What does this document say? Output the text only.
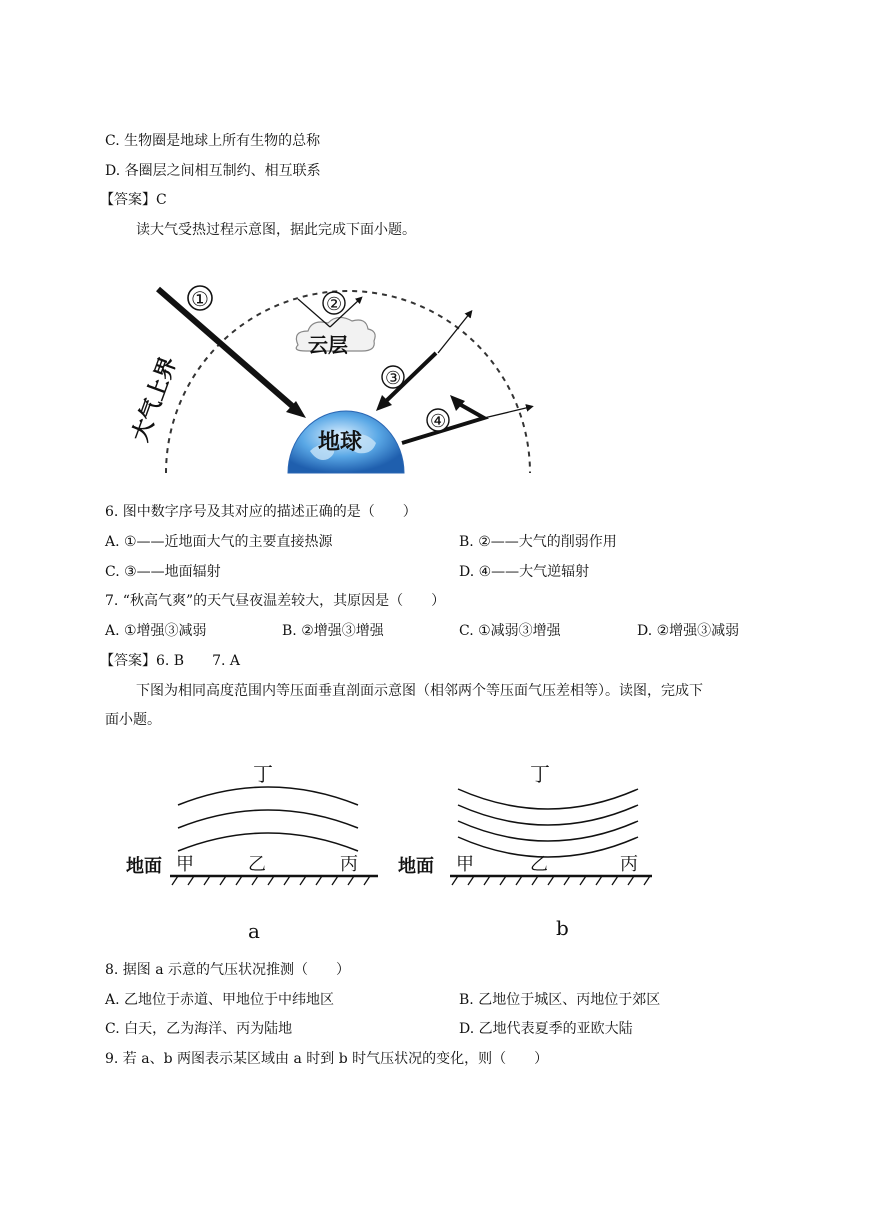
C. 生物圈是地球上所有生物的总称
D. 各圈层之间相互制约、相互联系
【答案】C
读大气受热过程示意图，据此完成下面小题。
大气上界
①
云层
②
③
④
地球
6. 图中数字序号及其对应的描述正确的是（　　）
A. ①——近地面大气的主要直接热源	B. ②——大气的削弱作用
C. ③——地面辐射	D. ④——大气逆辐射
7. “秋高气爽”的天气昼夜温差较大，其原因是（　　）
A. ①增强③减弱	B. ②增强③增强	C. ①减弱③增强	D. ②增强③减弱
【答案】6. B　　7. A
下图为相同高度范围内等压面垂直剖面示意图（相邻两个等压面气压差相等）。读图，完成下
面小题。
丁
地面 甲	乙	丙
a
丁
地面 甲	乙	丙
b
8. 据图 a 示意的气压状况推测（　　）
A. 乙地位于赤道、甲地位于中纬地区	B. 乙地位于城区、丙地位于郊区
C. 白天，乙为海洋、丙为陆地	D. 乙地代表夏季的亚欧大陆
9. 若 a、b 两图表示某区域由 a 时到 b 时气压状况的变化，则（　　）
